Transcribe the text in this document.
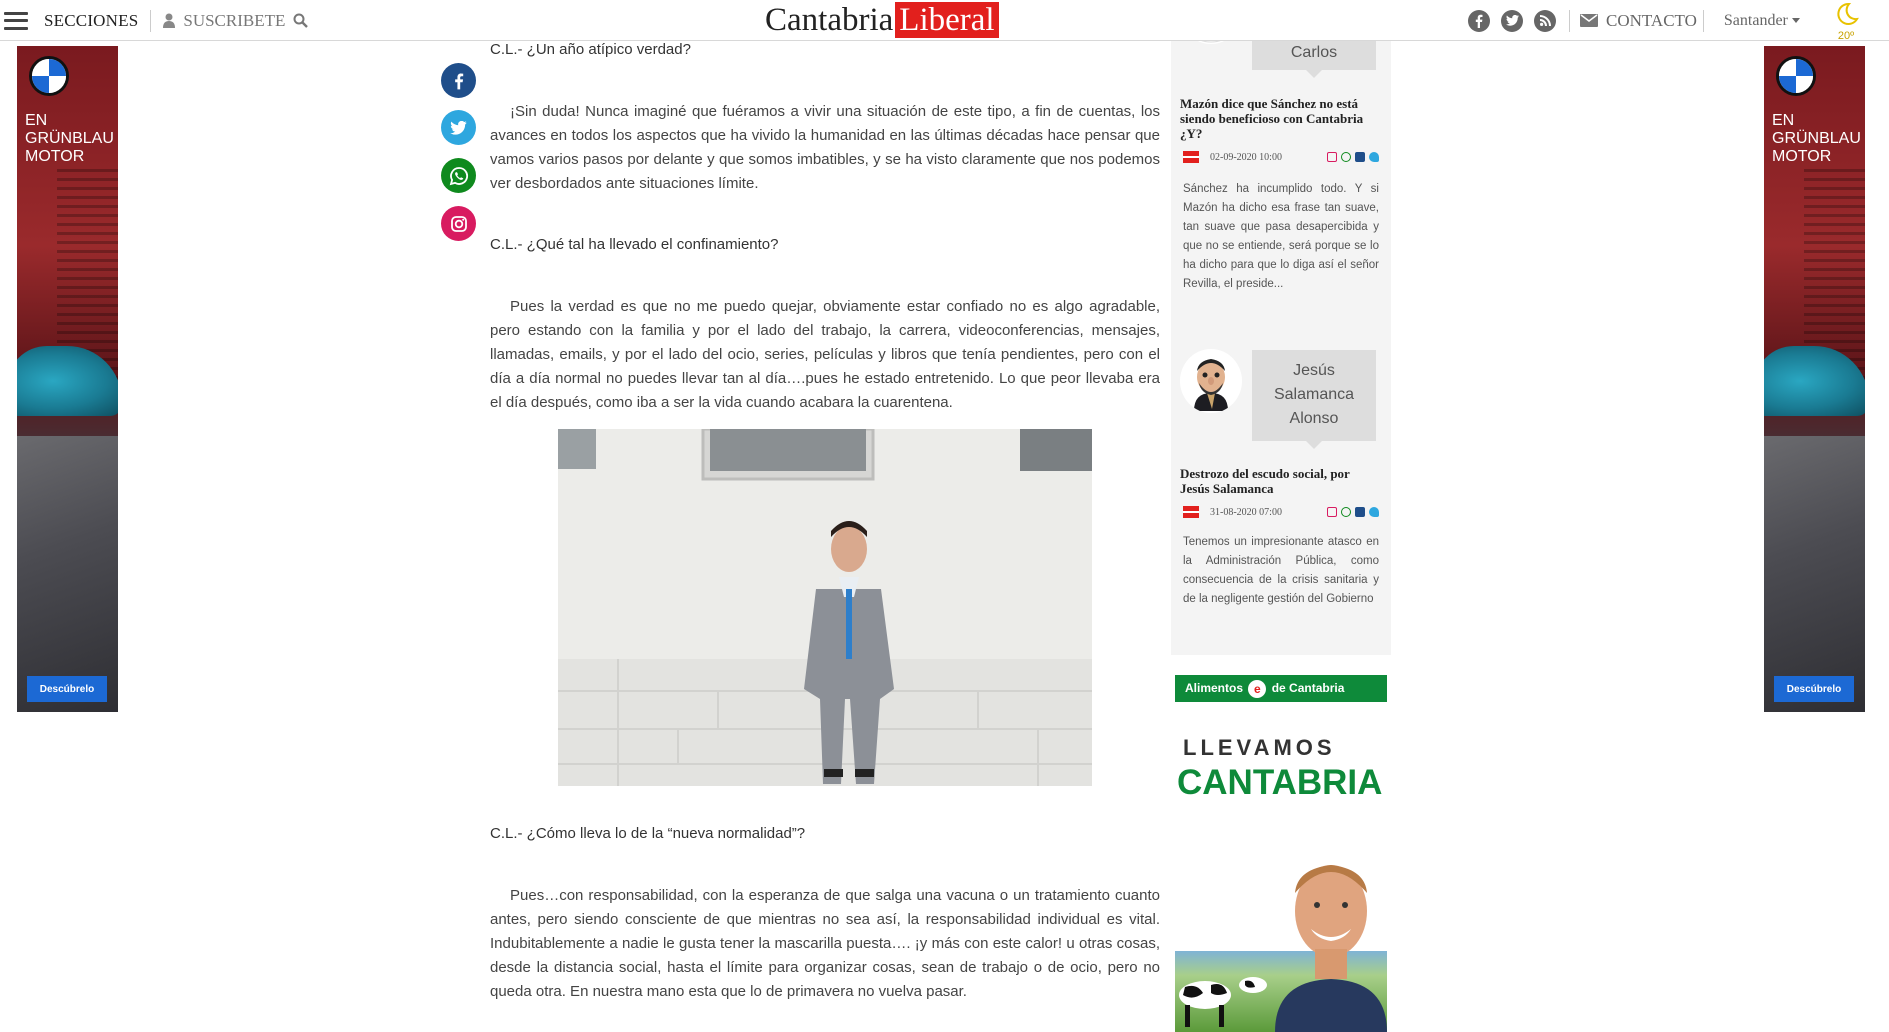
SECCIONES	SUSCRIBETE	Cantabria Liberal	CONTACTO Santander
20º
EN
GRÜNBLAU
MOTOR
Descúbrelo
EN
GRÜNBLAU
MOTOR
Descúbrelo

C.L.- ¿Un año atípico verdad?

¡Sin duda! Nunca imaginé que fuéramos a vivir una situación de este tipo, a fin de cuentas, los avances en todos los aspectos que ha vivido la humanidad en las últimas décadas hace pensar que vamos varios pasos por delante y que somos imbatibles, y se ha visto claramente que nos podemos ver desbordados ante situaciones límite.

C.L.- ¿Qué tal ha llevado el confinamiento?

Pues la verdad es que no me puedo quejar, obviamente estar confiado no es algo agradable, pero estando con la familia y por el lado del trabajo, la carrera, videoconferencias, mensajes, llamadas, emails, y por el lado del ocio, series, películas y libros que tenía pendientes, pero con el día a día normal no puedes llevar tan al día….pues he estado entretenido. Lo que peor llevaba era el día después, como iba a ser la vida cuando acabara la cuarentena.

C.L.- ¿Cómo lleva lo de la “nueva normalidad”?

Pues…con responsabilidad, con la esperanza de que salga una vacuna o un tratamiento cuanto antes, pero siendo consciente de que mientras no sea así, la responsabilidad individual es vital. Indubitablemente a nadie le gusta tener la mascarilla puesta…. ¡y más con este calor! u otras cosas, desde la distancia social, hasta el límite para organizar cosas, sean de trabajo o de ocio, pero no queda otra. En nuestra mano esta que lo de primavera no vuelva pasar.

Carlos
Mazón dice que Sánchez no está siendo beneficioso con Cantabria ¿Y?
02-09-2020 10:00
Sánchez ha incumplido todo. Y si Mazón ha dicho esa frase tan suave, tan suave que pasa desapercibida y que no se entiende, será porque se lo ha dicho para que lo diga así el señor Revilla, el preside...
Jesús
Salamanca
Alonso
Destrozo del escudo social, por Jesús Salamanca
31-08-2020 07:00
Tenemos un impresionante atasco en la Administración Pública, como consecuencia de la crisis sanitaria y de la negligente gestión del Gobierno
Alimentos e de Cantabria
LLEVAMOS
CANTABRIA
